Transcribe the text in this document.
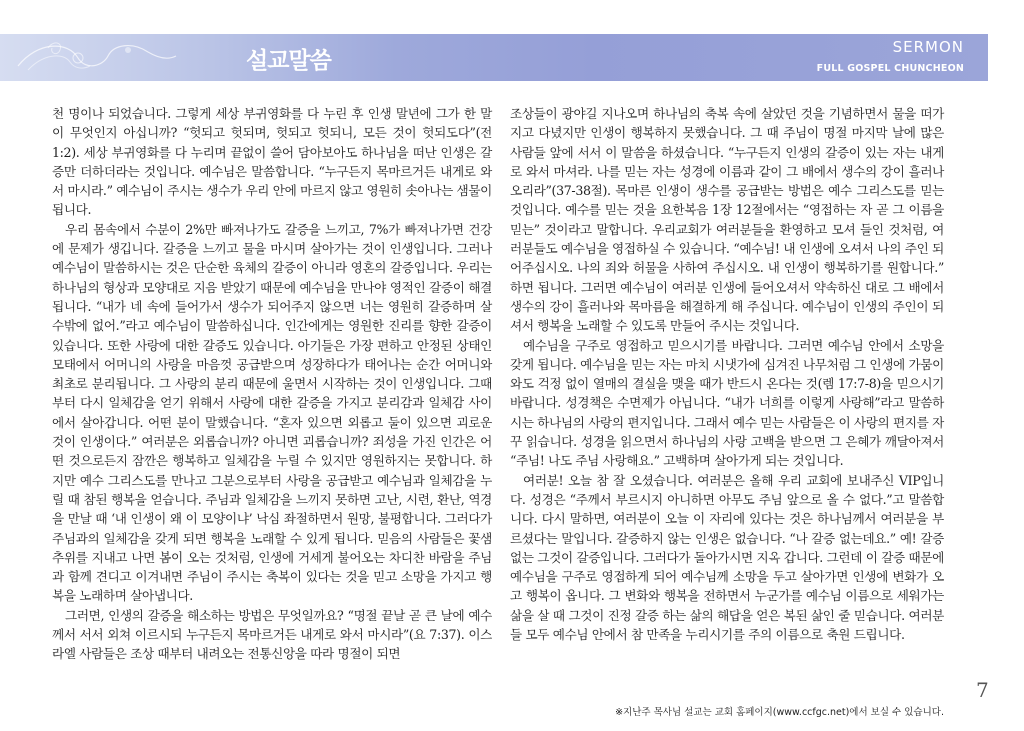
설교말씀
SERMON
FULL GOSPEL CHUNCHEON

천 명이나 되었습니다. 그렇게 세상 부귀영화를 다 누린 후 인생 말년에 그가 한 말이 무엇인지 아십니까? “헛되고 헛되며, 헛되고 헛되니, 모든 것이 헛되도다”(전 1:2). 세상 부귀영화를 다 누리며 끝없이 쓸어 담아보아도 하나님을 떠난 인생은 갈증만 더하더라는 것입니다. 예수님은 말씀합니다. “누구든지 목마르거든 내게로 와서 마시라.” 예수님이 주시는 생수가 우리 안에 마르지 않고 영원히 솟아나는 샘물이 됩니다.

우리 몸속에서 수분이 2%만 빠져나가도 갈증을 느끼고, 7%가 빠져나가면 건강에 문제가 생깁니다. 갈증을 느끼고 물을 마시며 살아가는 것이 인생입니다. 그러나 예수님이 말씀하시는 것은 단순한 육체의 갈증이 아니라 영혼의 갈증입니다. 우리는 하나님의 형상과 모양대로 지음 받았기 때문에 예수님을 만나야 영적인 갈증이 해결됩니다. “내가 네 속에 들어가서 생수가 되어주지 않으면 너는 영원히 갈증하며 살 수밖에 없어.”라고 예수님이 말씀하십니다. 인간에게는 영원한 진리를 향한 갈증이 있습니다. 또한 사랑에 대한 갈증도 있습니다. 아기들은 가장 편하고 안정된 상태인 모태에서 어머니의 사랑을 마음껏 공급받으며 성장하다가 태어나는 순간 어머니와 최초로 분리됩니다. 그 사랑의 분리 때문에 울면서 시작하는 것이 인생입니다. 그때부터 다시 일체감을 얻기 위해서 사랑에 대한 갈증을 가지고 분리감과 일체감 사이에서 살아갑니다. 어떤 분이 말했습니다. “혼자 있으면 외롭고 둘이 있으면 괴로운 것이 인생이다.” 여러분은 외롭습니까? 아니면 괴롭습니까? 죄성을 가진 인간은 어떤 것으로든지 잠깐은 행복하고 일체감을 누릴 수 있지만 영원하지는 못합니다. 하지만 예수 그리스도를 만나고 그분으로부터 사랑을 공급받고 예수님과 일체감을 누릴 때 참된 행복을 얻습니다. 주님과 일체감을 느끼지 못하면 고난, 시련, 환난, 역경을 만날 때 ‘내 인생이 왜 이 모양이냐’ 낙심 좌절하면서 원망, 불평합니다. 그러다가 주님과의 일체감을 갖게 되면 행복을 노래할 수 있게 됩니다. 믿음의 사람들은 꽃샘추위를 지내고 나면 봄이 오는 것처럼, 인생에 거세게 불어오는 차디찬 바람을 주님과 함께 견디고 이겨내면 주님이 주시는 축복이 있다는 것을 믿고 소망을 가지고 행복을 노래하며 살아냅니다.

그러면, 인생의 갈증을 해소하는 방법은 무엇일까요? “명절 끝날 곧 큰 날에 예수께서 서서 외쳐 이르시되 누구든지 목마르거든 내게로 와서 마시라”(요 7:37). 이스라엘 사람들은 조상 때부터 내려오는 전통신앙을 따라 명절이 되면

조상들이 광야길 지나오며 하나님의 축복 속에 살았던 것을 기념하면서 물을 떠가지고 다녔지만 인생이 행복하지 못했습니다. 그 때 주님이 명절 마지막 날에 많은 사람들 앞에 서서 이 말씀을 하셨습니다. “누구든지 인생의 갈증이 있는 자는 내게로 와서 마셔라. 나를 믿는 자는 성경에 이름과 같이 그 배에서 생수의 강이 흘러나오리라”(37-38절). 목마른 인생이 생수를 공급받는 방법은 예수 그리스도를 믿는 것입니다. 예수를 믿는 것을 요한복음 1장 12절에서는 “영접하는 자 곧 그 이름을 믿는” 것이라고 말합니다. 우리교회가 여러분들을 환영하고 모셔 들인 것처럼, 여러분들도 예수님을 영접하실 수 있습니다. “예수님! 내 인생에 오셔서 나의 주인 되어주십시오. 나의 죄와 허물을 사하여 주십시오. 내 인생이 행복하기를 원합니다.” 하면 됩니다. 그러면 예수님이 여러분 인생에 들어오셔서 약속하신 대로 그 배에서 생수의 강이 흘러나와 목마름을 해결하게 해 주십니다. 예수님이 인생의 주인이 되셔서 행복을 노래할 수 있도록 만들어 주시는 것입니다.

예수님을 구주로 영접하고 믿으시기를 바랍니다. 그러면 예수님 안에서 소망을 갖게 됩니다. 예수님을 믿는 자는 마치 시냇가에 심겨진 나무처럼 그 인생에 가뭄이 와도 걱정 없이 열매의 결실을 맺을 때가 반드시 온다는 것(렘 17:7-8)을 믿으시기 바랍니다. 성경책은 수면제가 아닙니다. “내가 너희를 이렇게 사랑해”라고 말씀하시는 하나님의 사랑의 편지입니다. 그래서 예수 믿는 사람들은 이 사랑의 편지를 자꾸 읽습니다. 성경을 읽으면서 하나님의 사랑 고백을 받으면 그 은혜가 깨달아져서 “주님! 나도 주님 사랑해요.” 고백하며 살아가게 되는 것입니다.

여러분! 오늘 참 잘 오셨습니다. 여러분은 올해 우리 교회에 보내주신 VIP입니다. 성경은 “주께서 부르시지 아니하면 아무도 주님 앞으로 올 수 없다.”고 말씀합니다. 다시 말하면, 여러분이 오늘 이 자리에 있다는 것은 하나님께서 여러분을 부르셨다는 말입니다. 갈증하지 않는 인생은 없습니다. “나 갈증 없는데요.” 예! 갈증 없는 그것이 갈증입니다. 그러다가 돌아가시면 지옥 갑니다. 그런데 이 갈증 때문에 예수님을 구주로 영접하게 되어 예수님께 소망을 두고 살아가면 인생에 변화가 오고 행복이 옵니다. 그 변화와 행복을 전하면서 누군가를 예수님 이름으로 세워가는 삶을 살 때 그것이 진정 갈증 하는 삶의 해답을 얻은 복된 삶인 줄 믿습니다. 여러분들 모두 예수님 안에서 참 만족을 누리시기를 주의 이름으로 축원 드립니다.

7
※지난주 목사님 설교는 교회 홈페이지(www.ccfgc.net)에서 보실 수 있습니다.
